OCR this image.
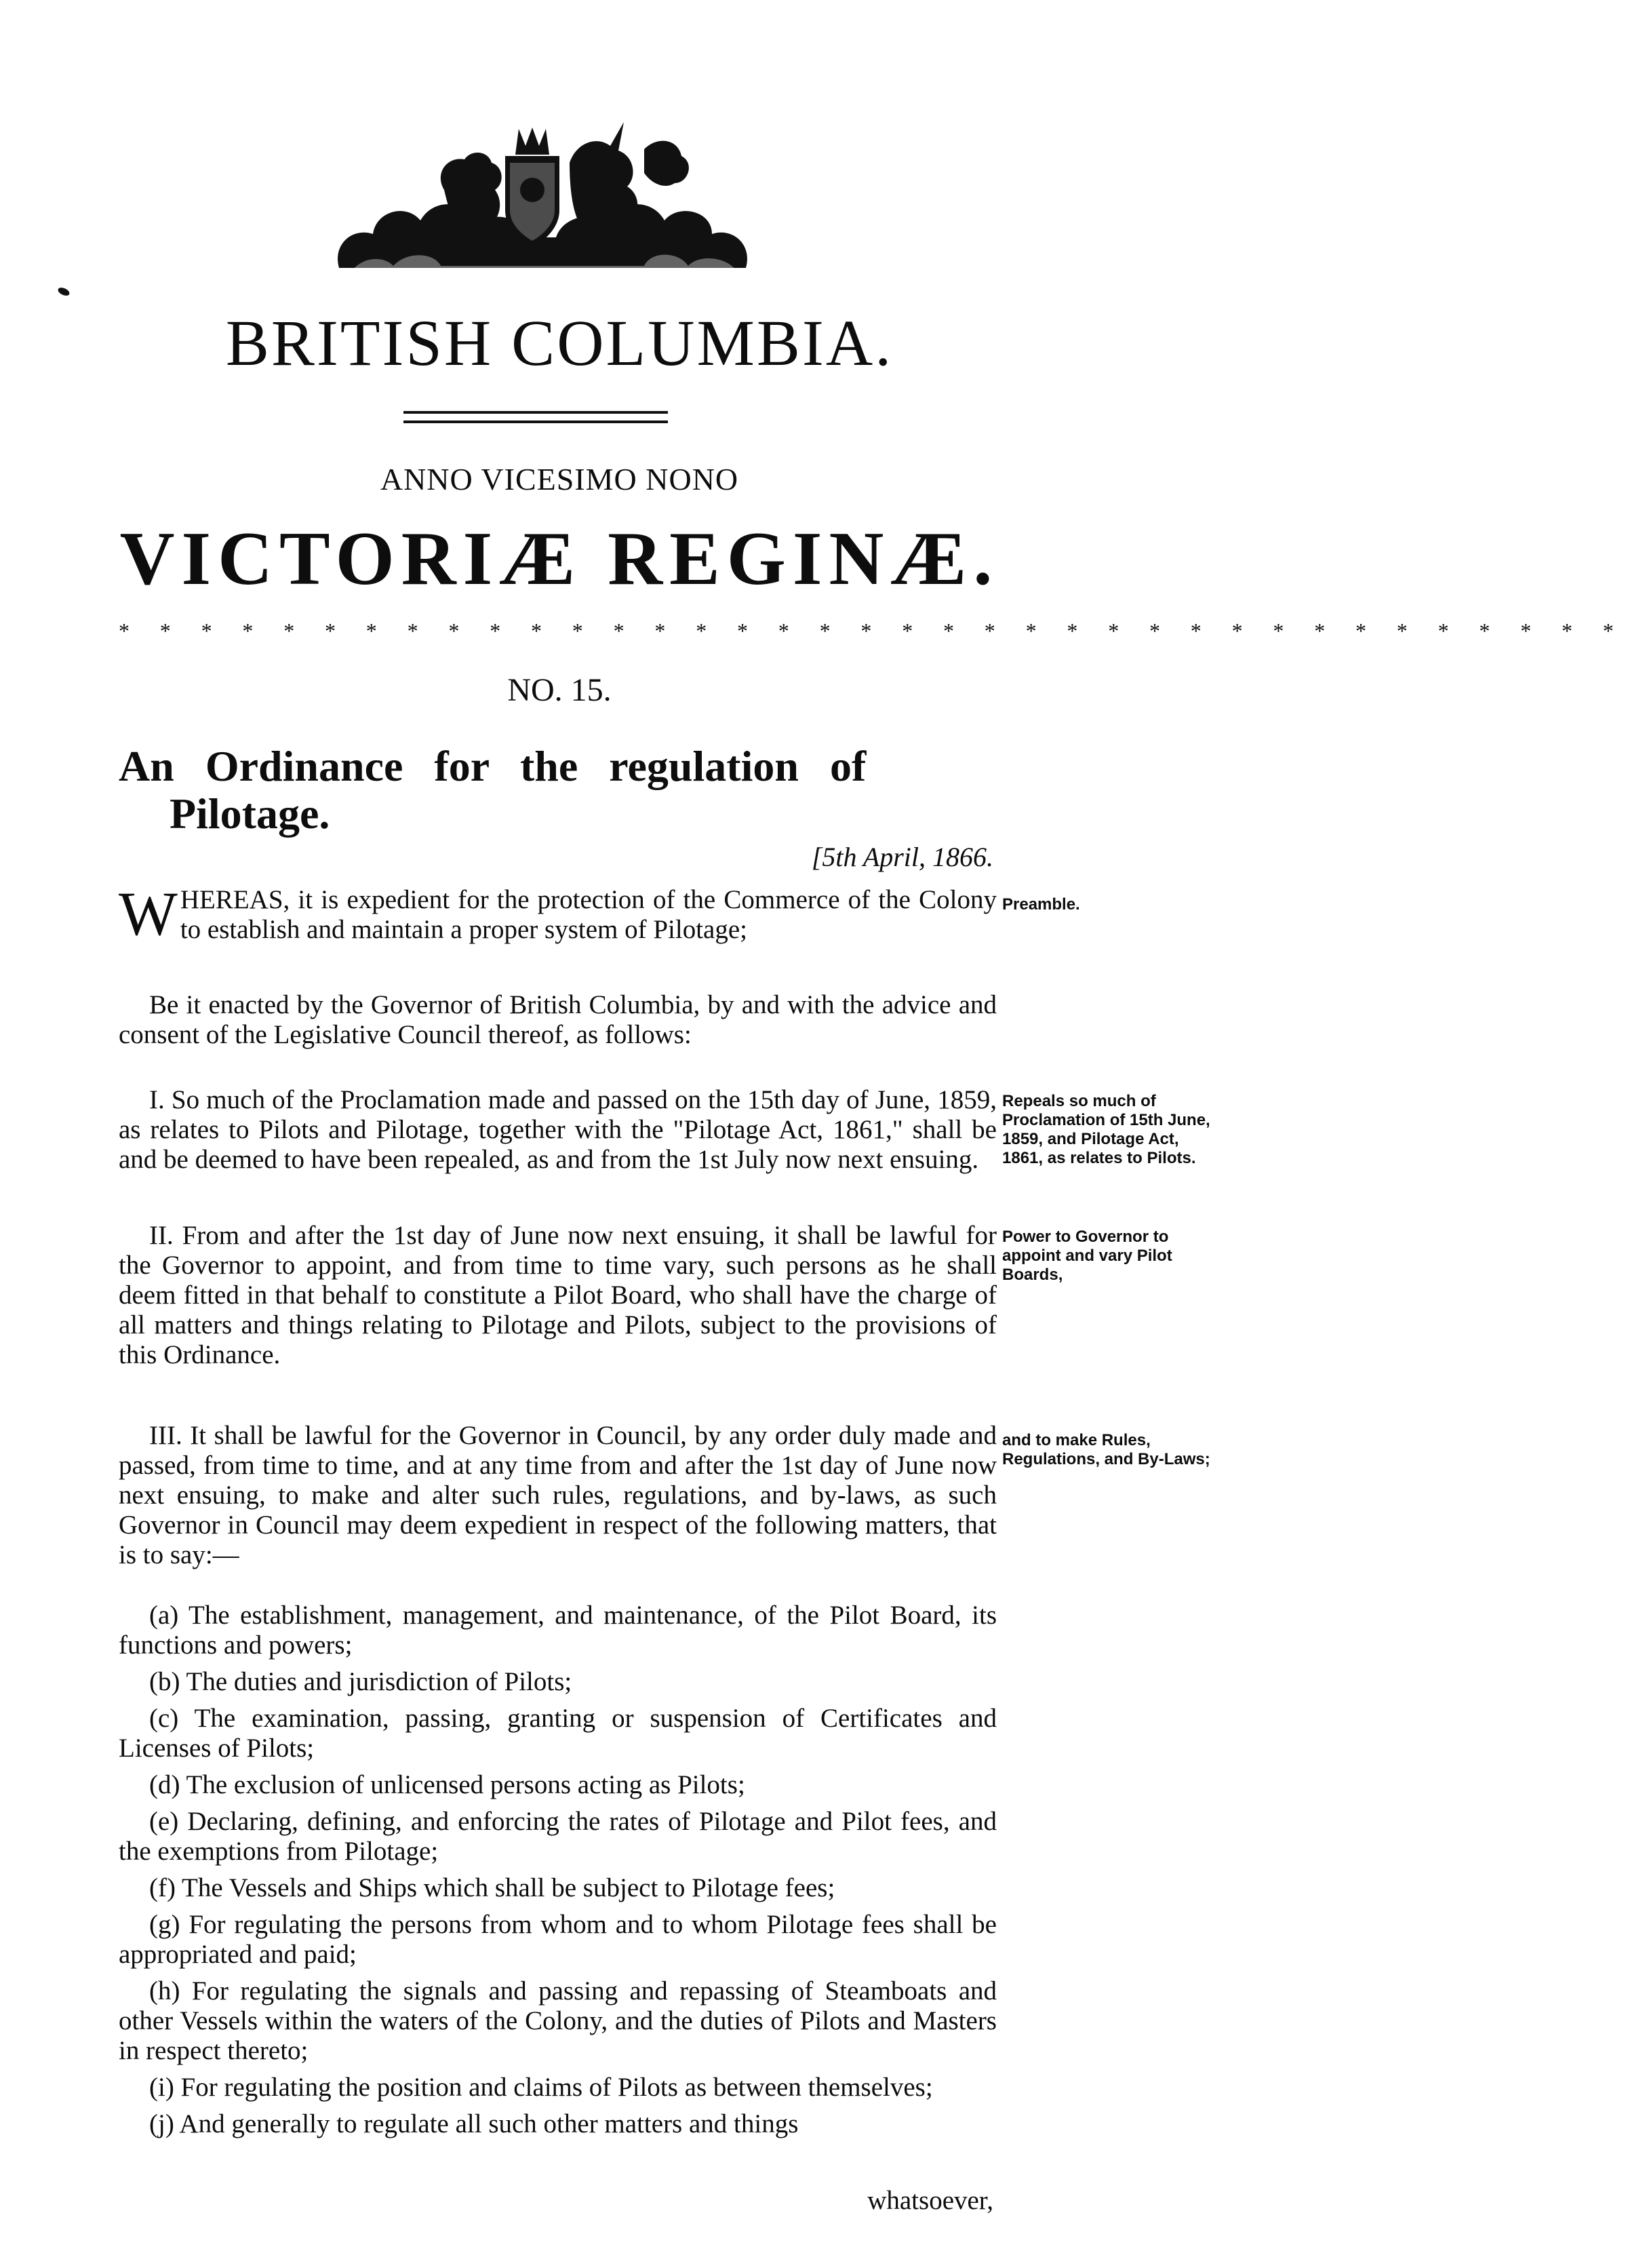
BRITISH COLUMBIA.
ANNO VICESIMO NONO
VICTORIÆ REGINÆ.
* * * * * * * * * * * * * * * * * * * * * * * * * * * * * * * * * * * * *
NO. 15.
An Ordinance for the regulation of
Pilotage.
[5th April, 1866.

WHEREAS, it is expedient for the protection of the Commerce of the Colony to establish and maintain a proper system of Pilotage;

Preamble.

Be it enacted by the Governor of British Columbia, by and with the advice and consent of the Legislative Council thereof, as follows:

I. So much of the Proclamation made and passed on the 15th day of June, 1859, as relates to Pilots and Pilotage, together with the "Pilotage Act, 1861," shall be and be deemed to have been repealed, as and from the 1st July now next ensuing.

Repeals so much of Proclamation of 15th June, 1859, and Pilotage Act, 1861, as relates to Pilots.

II. From and after the 1st day of June now next ensuing, it shall be lawful for the Governor to appoint, and from time to time vary, such persons as he shall deem fitted in that behalf to constitute a Pilot Board, who shall have the charge of all matters and things relating to Pilotage and Pilots, subject to the provisions of this Ordinance.

Power to Governor to appoint and vary Pilot Boards,

III. It shall be lawful for the Governor in Council, by any order duly made and passed, from time to time, and at any time from and after the 1st day of June now next ensuing, to make and alter such rules, regulations, and by-laws, as such Governor in Council may deem expedient in respect of the following matters, that is to say:—

and to make Rules, Regulations, and By-Laws;

(a) The establishment, management, and maintenance, of the Pilot Board, its functions and powers;

(b) The duties and jurisdiction of Pilots;

(c) The examination, passing, granting or suspension of Certificates and Licenses of Pilots;

(d) The exclusion of unlicensed persons acting as Pilots;

(e) Declaring, defining, and enforcing the rates of Pilotage and Pilot fees, and the exemptions from Pilotage;

(f) The Vessels and Ships which shall be subject to Pilotage fees;

(g) For regulating the persons from whom and to whom Pilotage fees shall be appropriated and paid;

(h) For regulating the signals and passing and repassing of Steamboats and other Vessels within the waters of the Colony, and the duties of Pilots and Masters in respect thereto;

(i) For regulating the position and claims of Pilots as between themselves;

(j) And generally to regulate all such other matters and things

whatsoever,
